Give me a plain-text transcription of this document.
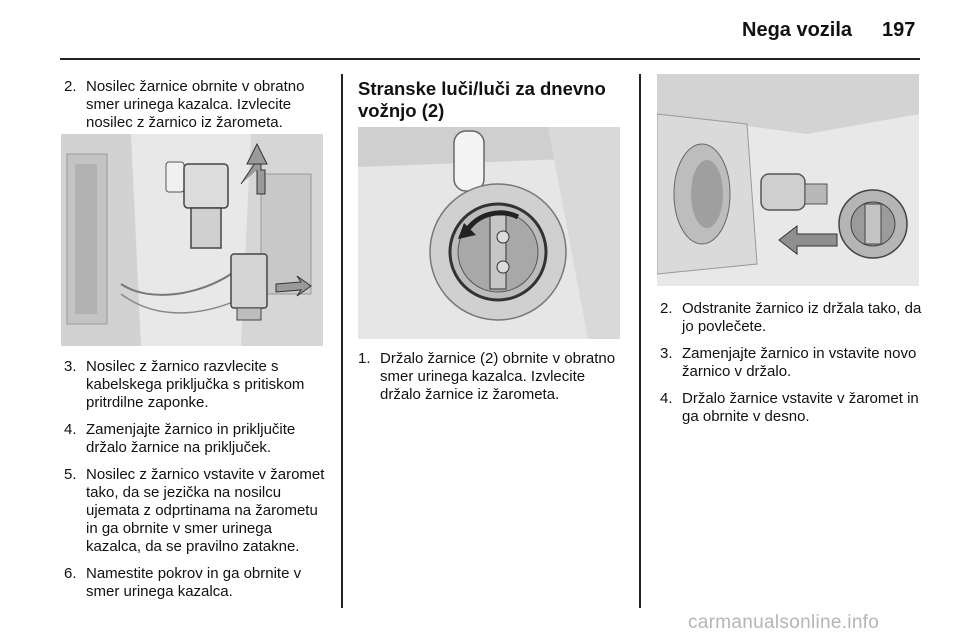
Nega vozila 197
2. Nosilec žarnice obrnite v obratno smer urinega kazalca. Izvlecite nosilec z žarnico iz žarometa.
3. Nosilec z žarnico razvlecite s kabelskega priključka s pritiskom pritrdilne zaponke.
4. Zamenjajte žarnico in priključite držalo žarnice na priključek.
5. Nosilec z žarnico vstavite v žaromet tako, da se jezička na nosilcu ujemata z odprtinama na žarometu in ga obrnite v smer urinega kazalca, da se pravilno zatakne.
6. Namestite pokrov in ga obrnite v smer urinega kazalca.
Stranske luči/luči za dnevno vožnjo (2)
1. Držalo žarnice (2) obrnite v obratno smer urinega kazalca. Izvlecite držalo žarnice iz žarometa.
2. Odstranite žarnico iz držala tako, da jo povlečete.
3. Zamenjajte žarnico in vstavite novo žarnico v držalo.
4. Držalo žarnice vstavite v žaromet in ga obrnite v desno.
carmanualsonline.info
